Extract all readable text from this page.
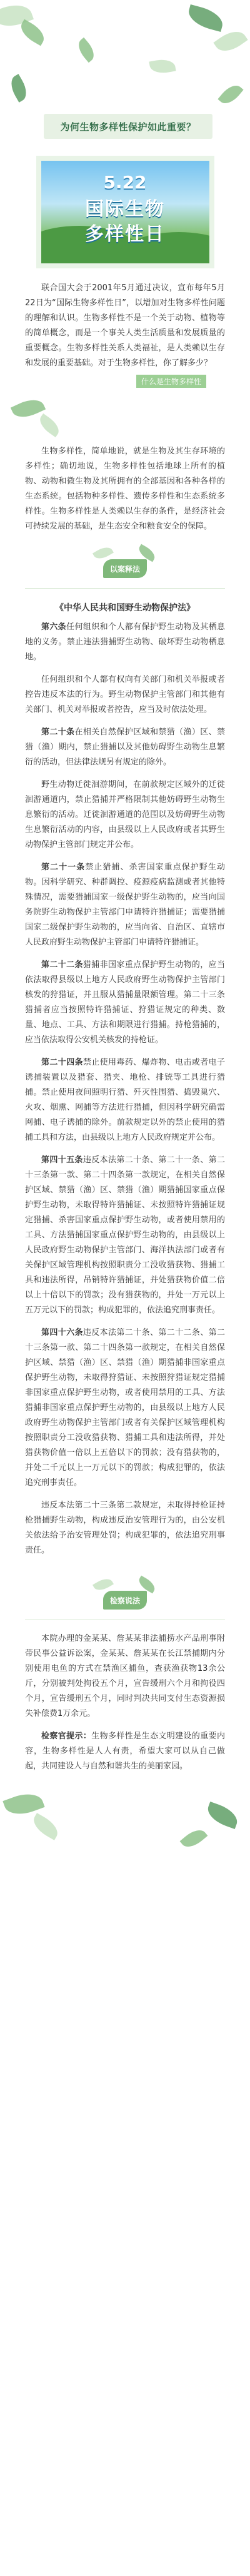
为何生物多样性保护如此重要？
5.22
国际生物
多样性日

联合国大会于2001年5月通过决议，宣布每年5月22日为“国际生物多样性日”，以增加对生物多样性问题的理解和认识。生物多样性不是一个关于动物、植物等的简单概念，而是一个事关人类生活质量和发展质量的重要概念。生物多样性关系人类福祉，是人类赖以生存和发展的重要基础。对于生物多样性，你了解多少？

什么是生物多样性

生物多样性，简单地说，就是生物及其生存环境的多样性；确切地说，生物多样性包括地球上所有的植物、动物和微生物及其所拥有的全部基因和各种各样的生态系统。包括物种多样性、遗传多样性和生态系统多样性。生物多样性是人类赖以生存的条件，是经济社会可持续发展的基础，是生态安全和粮食安全的保障。

以案释法
《中华人民共和国野生动物保护法》

第六条任何组织和个人都有保护野生动物及其栖息地的义务。禁止违法猎捕野生动物、破坏野生动物栖息地。

任何组织和个人都有权向有关部门和机关举报或者控告违反本法的行为。野生动物保护主管部门和其他有关部门、机关对举报或者控告，应当及时依法处理。

第二十条在相关自然保护区域和禁猎（渔）区、禁猎（渔）期内，禁止猎捕以及其他妨碍野生动物生息繁衍的活动，但法律法规另有规定的除外。

野生动物迁徙洄游期间，在前款规定区域外的迁徙洄游通道内，禁止猎捕并严格限制其他妨碍野生动物生息繁衍的活动。迁徙洄游通道的范围以及妨碍野生动物生息繁衍活动的内容，由县级以上人民政府或者其野生动物保护主管部门规定并公布。

第二十一条禁止猎捕、杀害国家重点保护野生动物。因科学研究、种群调控、疫源疫病监测或者其他特殊情况，需要猎捕国家一级保护野生动物的，应当向国务院野生动物保护主管部门申请特许猎捕证；需要猎捕国家二级保护野生动物的，应当向省、自治区、直辖市人民政府野生动物保护主管部门申请特许猎捕证。

第二十二条猎捕非国家重点保护野生动物的，应当依法取得县级以上地方人民政府野生动物保护主管部门核发的狩猎证，并且服从猎捕量限额管理。第二十三条猎捕者应当按照特许猎捕证、狩猎证规定的种类、数量、地点、工具、方法和期限进行猎捕。持枪猎捕的，应当依法取得公安机关核发的持枪证。

第二十四条禁止使用毒药、爆炸物、电击或者电子诱捕装置以及猎套、猎夹、地枪、排铳等工具进行猎捕。禁止使用夜间照明行猎、歼灭性围猎、捣毁巢穴、火攻、烟熏、网捕等方法进行猎捕，但因科学研究确需网捕、电子诱捕的除外。前款规定以外的禁止使用的猎捕工具和方法，由县级以上地方人民政府规定并公布。

第四十五条违反本法第二十条、第二十一条、第二十三条第一款、第二十四条第一款规定，在相关自然保护区域、禁猎（渔）区、禁猎（渔）期猎捕国家重点保护野生动物，未取得特许猎捕证、未按照特许猎捕证规定猎捕、杀害国家重点保护野生动物，或者使用禁用的工具、方法猎捕国家重点保护野生动物的，由县级以上人民政府野生动物保护主管部门、海洋执法部门或者有关保护区域管理机构按照职责分工没收猎获物、猎捕工具和违法所得，吊销特许猎捕证，并处猎获物价值二倍以上十倍以下的罚款；没有猎获物的，并处一万元以上五万元以下的罚款；构成犯罪的，依法追究刑事责任。

第四十六条违反本法第二十条、第二十二条、第二十三条第一款、第二十四条第一款规定，在相关自然保护区域、禁猎（渔）区、禁猎（渔）期猎捕非国家重点保护野生动物，未取得狩猎证、未按照狩猎证规定猎捕非国家重点保护野生动物，或者使用禁用的工具、方法猎捕非国家重点保护野生动物的，由县级以上地方人民政府野生动物保护主管部门或者有关保护区域管理机构按照职责分工没收猎获物、猎捕工具和违法所得，并处猎获物价值一倍以上五倍以下的罚款；没有猎获物的，并处二千元以上一万元以下的罚款；构成犯罪的，依法追究刑事责任。

违反本法第二十三条第二款规定，未取得持枪证持枪猎捕野生动物，构成违反治安管理行为的，由公安机关依法给予治安管理处罚；构成犯罪的，依法追究刑事责任。

检察说法

本院办理的金某某、詹某某非法捕捞水产品刑事附带民事公益诉讼案，金某某、詹某某在长江禁捕期内分别使用电鱼的方式在禁渔区捕鱼，查获渔获物13余公斤，分别被判处拘役五个月，宣告缓刑六个月和拘役四个月，宣告缓刑五个月，同时判决共同支付生态资源损失补偿费1万余元。

检察官提示：生物多样性是生态文明建设的重要内容，生物多样性是人人有责，希望大家可以从自己做起，共同建设人与自然和谐共生的美丽家园。
